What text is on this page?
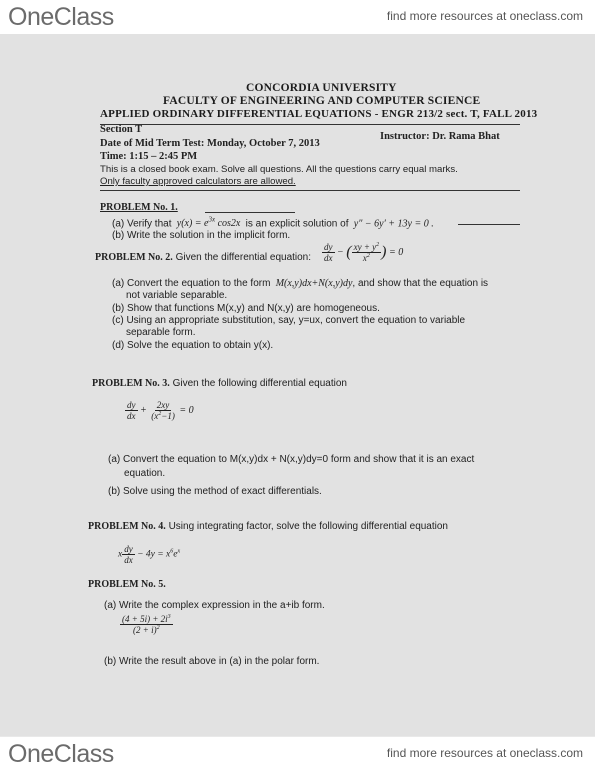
OneClass	find more resources at oneclass.com
CONCORDIA UNIVERSITY
FACULTY OF ENGINEERING AND COMPUTER SCIENCE
APPLIED ORDINARY DIFFERENTIAL EQUATIONS - ENGR 213/2 sect. T, FALL 2013
Section T
Instructor: Dr. Rama Bhat
Date of Mid Term Test: Monday, October 7, 2013
Time: 1:15 – 2:45 PM
This is a closed book exam. Solve all questions. All the questions carry equal marks.
Only faculty approved calculators are allowed.
PROBLEM No. 1.
(a) Verify that  $y(x) = e^{3x}$ cos2x  is an explicit solution of  y″ − 6y′ + 13y = 0 .
(b) Write the solution in the implicit form.
PROBLEM No. 2. Given the differential equation: $\frac{dy}{dx}$ − ( $\frac{xy + y^2}{x^2}$ ) = 0
(a) Convert the equation to the form  M(x,y)dx+N(x,y)dy, and show that the equation is
not variable separable.
(b) Show that functions M(x,y) and N(x,y) are homogeneous.
(c) Using an appropriate substitution, say, y=ux, convert the equation to variable
separable form.
(d) Solve the equation to obtain y(x).
PROBLEM No. 3. Given the following differential equation
$\frac{dy}{dx} + \frac{2xy}{(x^2-1)} = 0$
(a) Convert the equation to M(x,y)dx + N(x,y)dy=0 form and show that it is an exact
equation.
(b) Solve using the method of exact differentials.
PROBLEM No. 4. Using integrating factor, solve the following differential equation
x $\frac{dy}{dx} - 4y = x^6e^x$
PROBLEM No. 5.
(a) Write the complex expression in the a+ib form.
$\frac{(4 + 5i) + 2i^3}{(2 + i)^2}$
(b) Write the result above in (a) in the polar form.
OneClass	find more resources at oneclass.com
